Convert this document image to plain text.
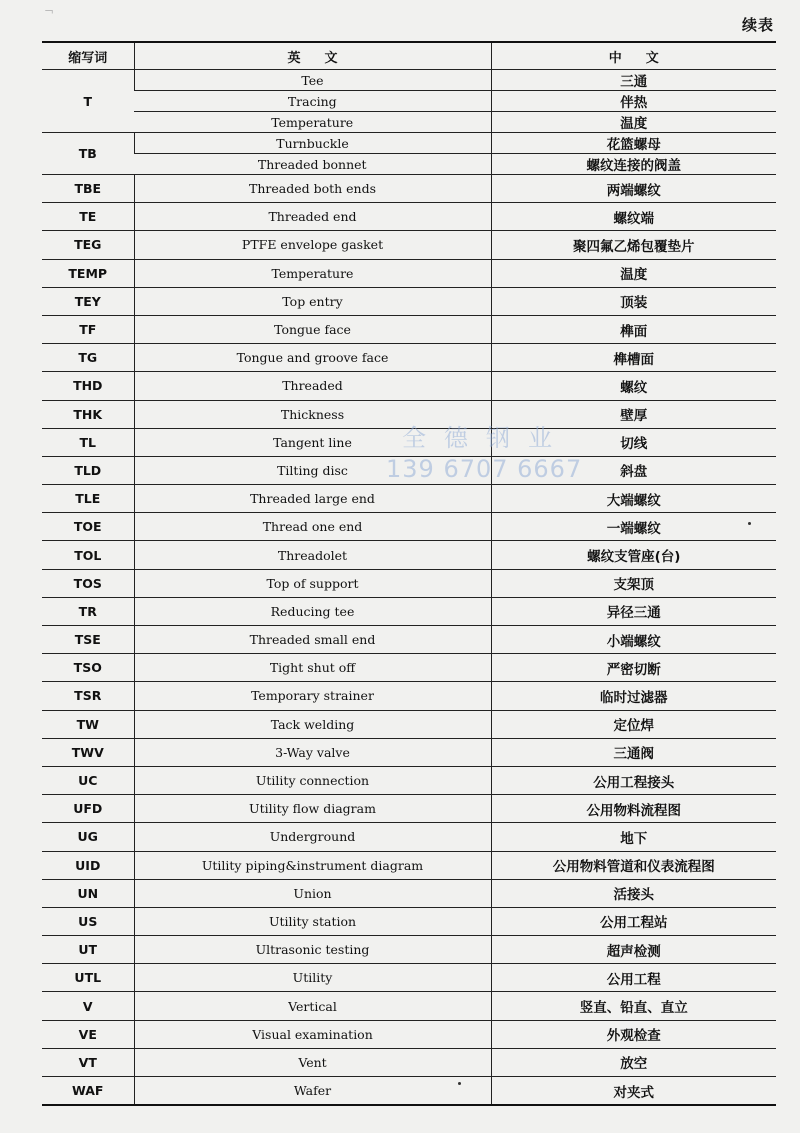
¬
续表
缩写词	英文	中文
T	Tee	三通
	Tracing	伴热
	Temperature	温度
TB	Turnbuckle	花篮螺母
	Threaded bonnet	螺纹连接的阀盖
TBE	Threaded both ends	两端螺纹
TE	Threaded end	螺纹端
TEG	PTFE envelope gasket	聚四氟乙烯包覆垫片
TEMP	Temperature	温度
TEY	Top entry	顶装
TF	Tongue face	榫面
TG	Tongue and groove face	榫槽面
THD	Threaded	螺纹
THK	Thickness	壁厚
TL	Tangent line	切线
TLD	Tilting disc	斜盘
TLE	Threaded large end	大端螺纹
TOE	Thread one end	一端螺纹
TOL	Threadolet	螺纹支管座(台)
TOS	Top of support	支架顶
TR	Reducing tee	异径三通
TSE	Threaded small end	小端螺纹
TSO	Tight shut off	严密切断
TSR	Temporary strainer	临时过滤器
TW	Tack welding	定位焊
TWV	3-Way valve	三通阀
UC	Utility connection	公用工程接头
UFD	Utility flow diagram	公用物料流程图
UG	Underground	地下
UID	Utility piping&instrument diagram	公用物料管道和仪表流程图
UN	Union	活接头
US	Utility station	公用工程站
UT	Ultrasonic testing	超声检测
UTL	Utility	公用工程
V	Vertical	竖直、铅直、直立
VE	Visual examination	外观检查
VT	Vent	放空
WAF	Wafer	对夹式
全德钢业
139 6707 6667
